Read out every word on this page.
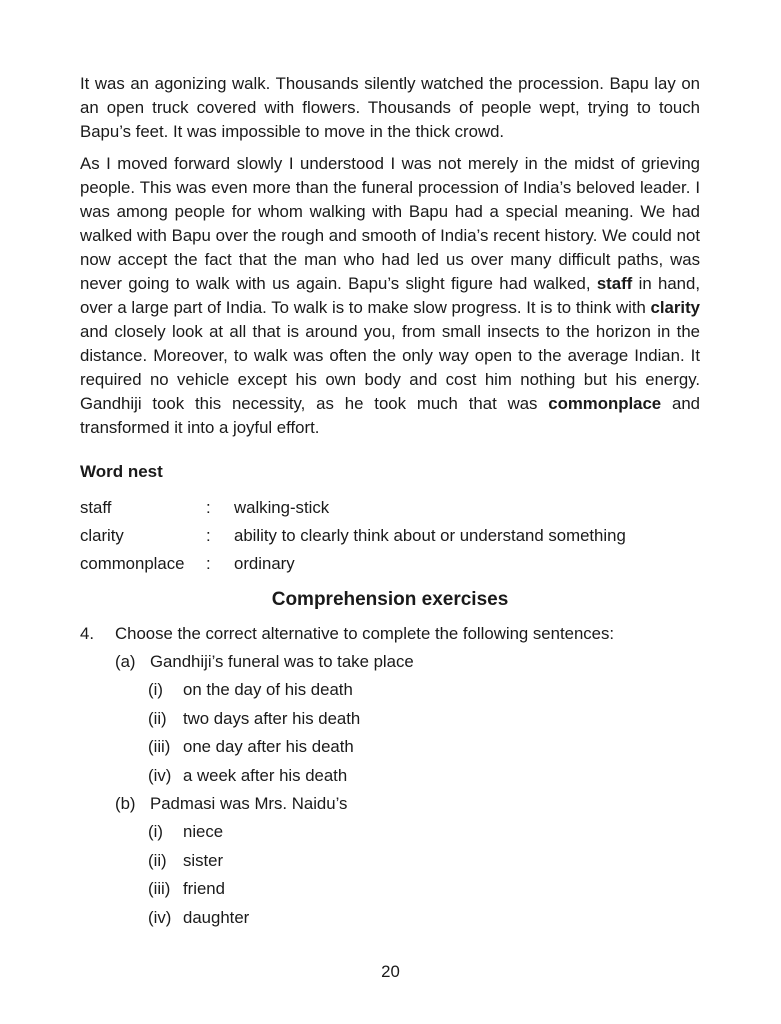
It was an agonizing walk. Thousands silently watched the procession. Bapu lay on an open truck covered with flowers. Thousands of people wept, trying to touch Bapu’s feet. It was impossible to move in the thick crowd.

As I moved forward slowly I understood I was not merely in the midst of grieving people. This was even more than the funeral procession of India’s beloved leader. I was among people for whom walking with Bapu had a special meaning. We had walked with Bapu over the rough and smooth of India’s recent history. We could not now accept the fact that the man who had led us over many difficult paths, was never going to walk with us again. Bapu’s slight figure had walked, staff in hand, over a large part of India. To walk is to make slow progress. It is to think with clarity and closely look at all that is around you, from small insects to the horizon in the distance. Moreover, to walk was often the only way open to the average Indian. It required no vehicle except his own body and cost him nothing but his energy. Gandhiji took this necessity, as he took much that was commonplace and transformed it into a joyful effort.

Word nest
staff	:	walking-stick
clarity	:	ability to clearly think about or understand something
commonplace	:	ordinary
Comprehension exercises
4.	Choose the correct alternative to complete the following sentences:
(a) Gandhiji’s funeral was to take place
(i)	on the day of his death
(ii) two days after his death
(iii) one day after his death
(iv) a week after his death
(b) Padmasi was Mrs. Naidu’s
(i)	niece
(ii) sister
(iii) friend
(iv) daughter
20
